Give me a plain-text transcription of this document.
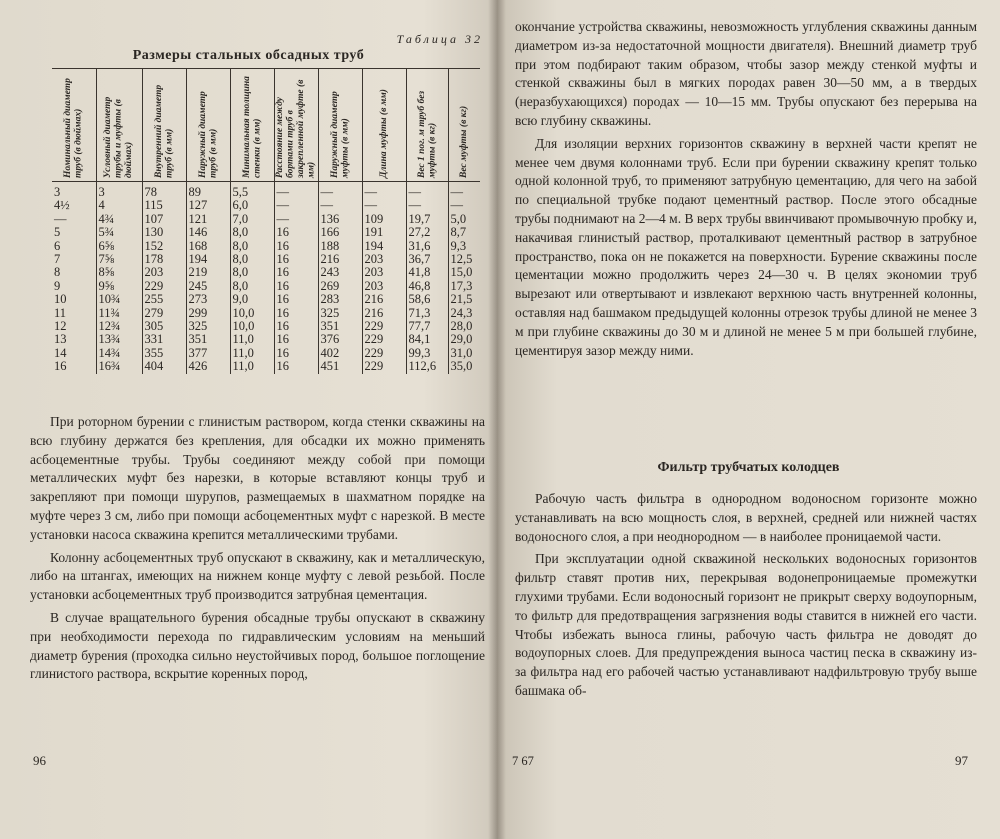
Таблица 32
Размеры стальных обсадных труб
Номинальный диаметр труб (в дюймах)	Условный диаметр трубы и муфты (в дюймах)	Внутренний диаметр труб (в мм)	Наружный диаметр труб (в мм)	Минимальная толщина стенки (в мм)	Расстояние между бортами труб в закрепленной муфте (в мм)	Наружный диаметр муфты (в мм)	Длина муфты (в мм)	Вес 1 пог. м труб без муфты (в кг)	Вес муфты (в кг)

3	3	78	89	5,5	—	—	—	—	—
4½	4	115	127	6,0	—	—	—	—	—
—	4¾	107	121	7,0	—	136	109	19,7	5,0
5	5¾	130	146	8,0	16	166	191	27,2	8,7
6	6⅝	152	168	8,0	16	188	194	31,6	9,3
7	7⅝	178	194	8,0	16	216	203	36,7	12,5
8	8⅝	203	219	8,0	16	243	203	41,8	15,0
9	9⅝	229	245	8,0	16	269	203	46,8	17,3
10	10¾	255	273	9,0	16	283	216	58,6	21,5
11	11¾	279	299	10,0	16	325	216	71,3	24,3
12	12¾	305	325	10,0	16	351	229	77,7	28,0
13	13¾	331	351	11,0	16	376	229	84,1	29,0
14	14¾	355	377	11,0	16	402	229	99,3	31,0
16	16¾	404	426	11,0	16	451	229	112,6	35,0

При роторном бурении с глинистым раствором, когда стенки скважины на всю глубину держатся без крепления, для обсадки их можно применять асбоцементные трубы. Трубы соединяют между собой при помощи металлических муфт без нарезки, в которые вставляют концы труб и закрепляют при помощи шурупов, размещаемых в шахматном порядке на муфте через 3 см, либо при помощи асбоцементных муфт с нарезкой. В месте установки насоса скважина крепится металлическими трубами.

Колонну асбоцементных труб опускают в скважину, как и металлическую, либо на штангах, имеющих на нижнем конце муфту с левой резьбой. После установки асбоцементных труб производится затрубная цементация.

В случае вращательного бурения обсадные трубы опускают в скважину при необходимости перехода по гидравлическим условиям на меньший диаметр бурения (проходка сильно неустойчивых пород, большое поглощение глинистого раствора, вскрытие коренных пород,

96

окончание устройства скважины, невозможность углубления скважины данным диаметром из-за недостаточной мощности двигателя). Внешний диаметр труб при этом подбирают таким образом, чтобы зазор между стенкой муфты и стенкой скважины был в мягких породах равен 30—50 мм, а в твердых (неразбухающихся) породах — 10—15 мм. Трубы опускают без перерыва на всю глубину скважины.

Для изоляции верхних горизонтов скважину в верхней части крепят не менее чем двумя колоннами труб. Если при бурении скважину крепят только одной колонной труб, то применяют затрубную цементацию, для чего на забой по специальной трубке подают цементный раствор. После этого обсадные трубы поднимают на 2—4 м. В верх трубы ввинчивают промывочную пробку и, накачивая глинистый раствор, проталкивают цементный раствор в затрубное пространство, пока он не покажется на поверхности. Бурение скважины после цементации можно продолжить через 24—30 ч. В целях экономии труб вырезают или отвертывают и извлекают верхнюю часть внутренней колонны, оставляя над башмаком предыдущей колонны отрезок трубы длиной не менее 3 м при глубине скважины до 30 м и длиной не менее 5 м при большей глубине, цементируя зазор между ними.

Фильтр трубчатых колодцев

Рабочую часть фильтра в однородном водоносном горизонте можно устанавливать на всю мощность слоя, в верхней, средней или нижней частях водоносного слоя, а при неоднородном — в наиболее проницаемой части.

При эксплуатации одной скважиной нескольких водоносных горизонтов фильтр ставят против них, перекрывая водонепроницаемые промежутки глухими трубами. Если водоносный горизонт не прикрыт сверху водоупорным, то фильтр для предотвращения загрязнения воды ставится в нижней его части. Чтобы избежать выноса глины, рабочую часть фильтра не доводят до водоупорных слоев. Для предупреждения выноса частиц песка в скважину из-за фильтра над его рабочей частью устанавливают надфильтровую трубу выше башмака об-

7 67	97
